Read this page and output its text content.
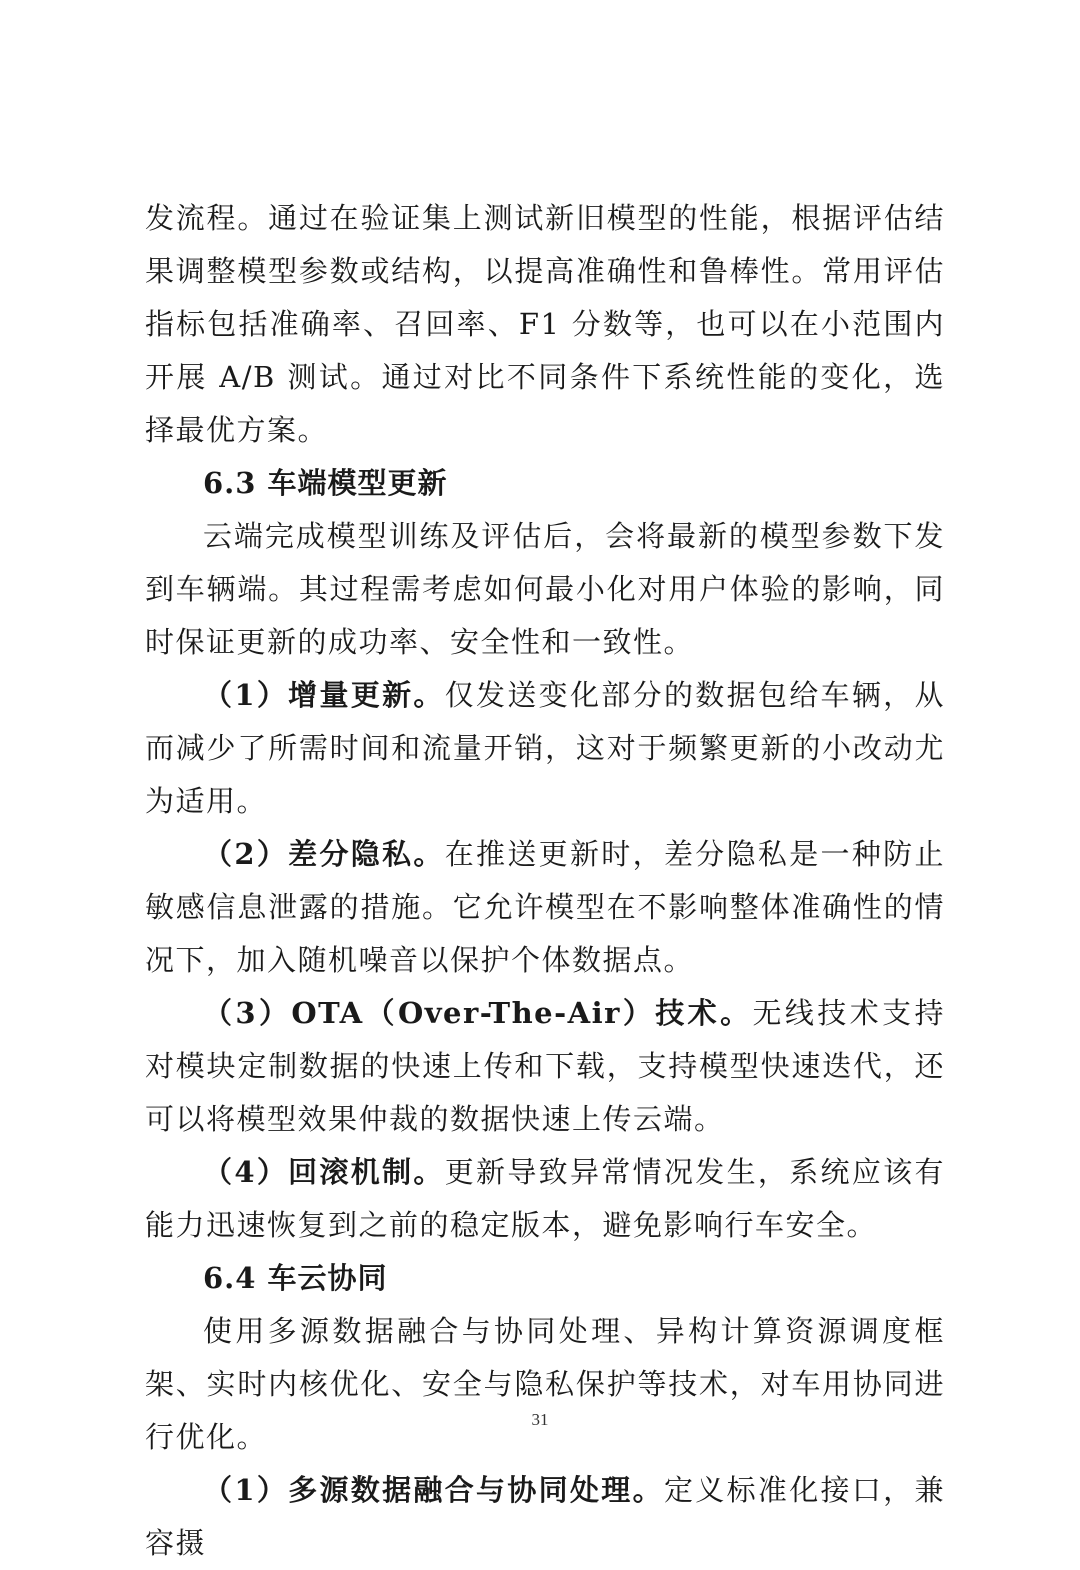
发流程。通过在验证集上测试新旧模型的性能，根据评估结果调整模型参数或结构，以提高准确性和鲁棒性。常用评估指标包括准确率、召回率、F1 分数等，也可以在小范围内开展 A/B 测试。通过对比不同条件下系统性能的变化，选择最优方案。

6.3 车端模型更新

云端完成模型训练及评估后，会将最新的模型参数下发到车辆端。其过程需考虑如何最小化对用户体验的影响，同时保证更新的成功率、安全性和一致性。

（1）增量更新。仅发送变化部分的数据包给车辆，从而减少了所需时间和流量开销，这对于频繁更新的小改动尤为适用。

（2）差分隐私。在推送更新时，差分隐私是一种防止敏感信息泄露的措施。它允许模型在不影响整体准确性的情况下，加入随机噪音以保护个体数据点。

（3）OTA（Over-The-Air）技术。无线技术支持对模块定制数据的快速上传和下载，支持模型快速迭代，还可以将模型效果仲裁的数据快速上传云端。

（4）回滚机制。更新导致异常情况发生，系统应该有能力迅速恢复到之前的稳定版本，避免影响行车安全。

6.4 车云协同

使用多源数据融合与协同处理、异构计算资源调度框架、实时内核优化、安全与隐私保护等技术，对车用协同进行优化。

（1）多源数据融合与协同处理。定义标准化接口，兼容摄

31
